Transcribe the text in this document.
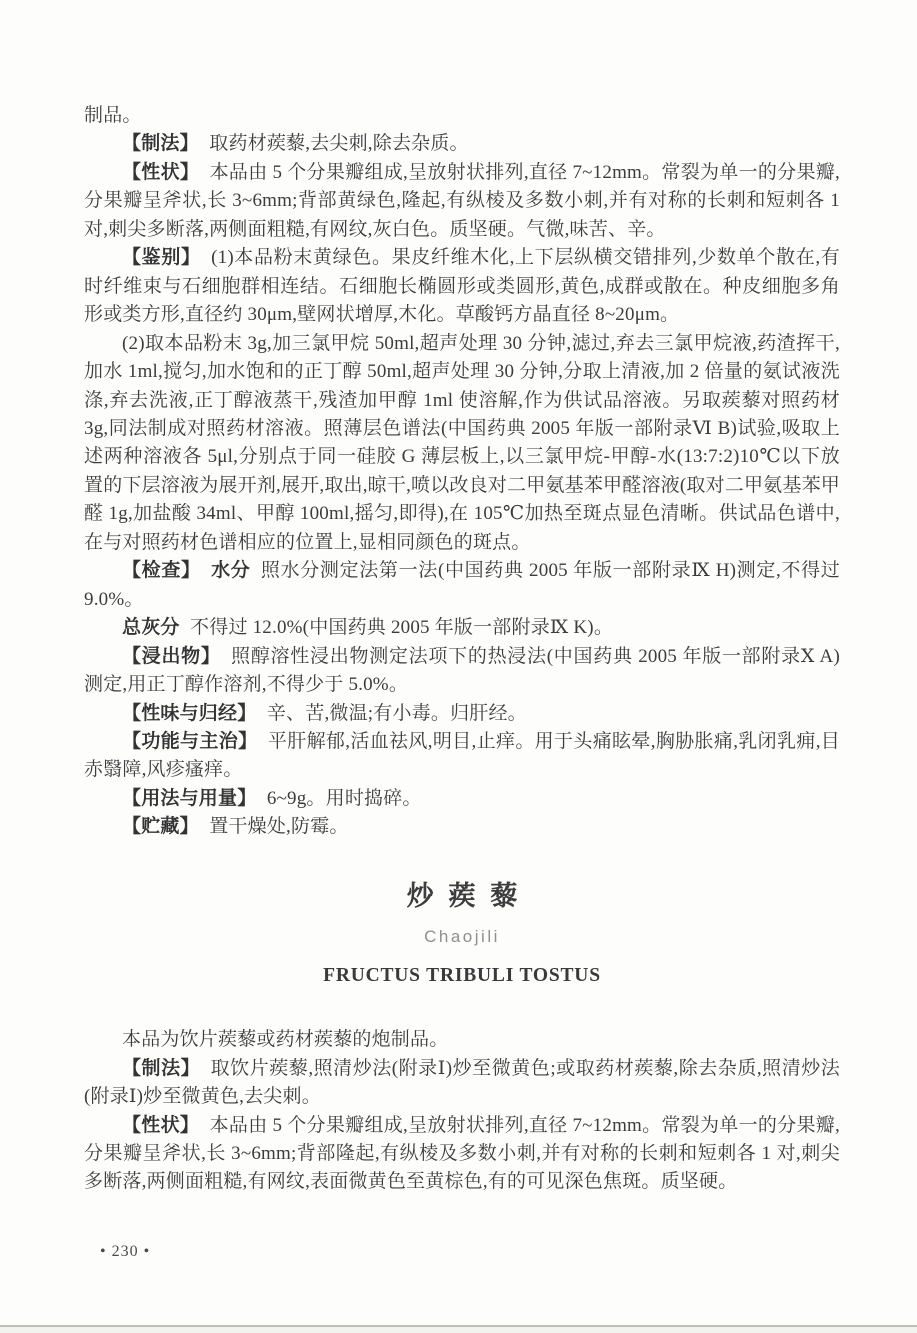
制品。

【制法】 取药材蒺藜,去尖刺,除去杂质。

【性状】 本品由 5 个分果瓣组成,呈放射状排列,直径 7~12mm。常裂为单一的分果瓣,分果瓣呈斧状,长 3~6mm;背部黄绿色,隆起,有纵棱及多数小刺,并有对称的长刺和短刺各 1 对,刺尖多断落,两侧面粗糙,有网纹,灰白色。质坚硬。气微,味苦、辛。

【鉴别】 (1)本品粉末黄绿色。果皮纤维木化,上下层纵横交错排列,少数单个散在,有时纤维束与石细胞群相连结。石细胞长椭圆形或类圆形,黄色,成群或散在。种皮细胞多角形或类方形,直径约 30μm,壁网状增厚,木化。草酸钙方晶直径 8~20μm。

(2)取本品粉末 3g,加三氯甲烷 50ml,超声处理 30 分钟,滤过,弃去三氯甲烷液,药渣挥干,加水 1ml,搅匀,加水饱和的正丁醇 50ml,超声处理 30 分钟,分取上清液,加 2 倍量的氨试液洗涤,弃去洗液,正丁醇液蒸干,残渣加甲醇 1ml 使溶解,作为供试品溶液。另取蒺藜对照药材 3g,同法制成对照药材溶液。照薄层色谱法(中国药典 2005 年版一部附录Ⅵ B)试验,吸取上述两种溶液各 5μl,分别点于同一硅胶 G 薄层板上,以三氯甲烷-甲醇-水(13:7:2)10℃以下放置的下层溶液为展开剂,展开,取出,晾干,喷以改良对二甲氨基苯甲醛溶液(取对二甲氨基苯甲醛 1g,加盐酸 34ml、甲醇 100ml,摇匀,即得),在 105℃加热至斑点显色清晰。供试品色谱中,在与对照药材色谱相应的位置上,显相同颜色的斑点。

【检查】 水分 照水分测定法第一法(中国药典 2005 年版一部附录Ⅸ H)测定,不得过 9.0%。

总灰分 不得过 12.0%(中国药典 2005 年版一部附录Ⅸ K)。

【浸出物】 照醇溶性浸出物测定法项下的热浸法(中国药典 2005 年版一部附录Ⅹ A)测定,用正丁醇作溶剂,不得少于 5.0%。

【性味与归经】 辛、苦,微温;有小毒。归肝经。

【功能与主治】 平肝解郁,活血祛风,明目,止痒。用于头痛眩晕,胸胁胀痛,乳闭乳痈,目赤翳障,风疹瘙痒。

【用法与用量】 6~9g。用时捣碎。

【贮藏】 置干燥处,防霉。

炒蒺藜
Chaojili
FRUCTUS TRIBULI TOSTUS

本品为饮片蒺藜或药材蒺藜的炮制品。

【制法】 取饮片蒺藜,照清炒法(附录Ⅰ)炒至微黄色;或取药材蒺藜,除去杂质,照清炒法(附录Ⅰ)炒至微黄色,去尖刺。

【性状】 本品由 5 个分果瓣组成,呈放射状排列,直径 7~12mm。常裂为单一的分果瓣,分果瓣呈斧状,长 3~6mm;背部隆起,有纵棱及多数小刺,并有对称的长刺和短刺各 1 对,刺尖多断落,两侧面粗糙,有网纹,表面微黄色至黄棕色,有的可见深色焦斑。质坚硬。

• 230 •
